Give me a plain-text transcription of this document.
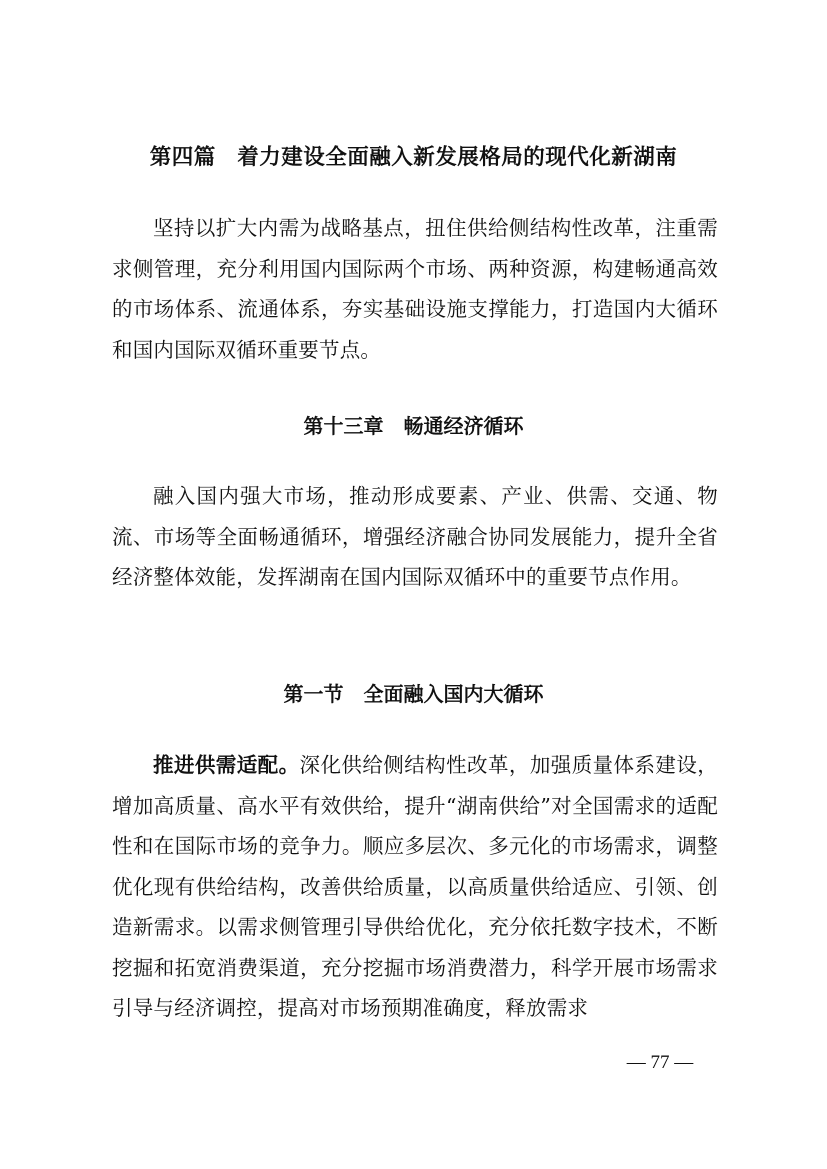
第四篇 着力建设全面融入新发展格局的现代化新湖南

坚持以扩大内需为战略基点，扭住供给侧结构性改革，注重需求侧管理，充分利用国内国际两个市场、两种资源，构建畅通高效的市场体系、流通体系，夯实基础设施支撑能力，打造国内大循环和国内国际双循环重要节点。

第十三章 畅通经济循环

融入国内强大市场，推动形成要素、产业、供需、交通、物流、市场等全面畅通循环，增强经济融合协同发展能力，提升全省经济整体效能，发挥湖南在国内国际双循环中的重要节点作用。

第一节 全面融入国内大循环

推进供需适配。深化供给侧结构性改革，加强质量体系建设，增加高质量、高水平有效供给，提升“湖南供给”对全国需求的适配性和在国际市场的竞争力。顺应多层次、多元化的市场需求，调整优化现有供给结构，改善供给质量，以高质量供给适应、引领、创造新需求。以需求侧管理引导供给优化，充分依托数字技术，不断挖掘和拓宽消费渠道，充分挖掘市场消费潜力，科学开展市场需求引导与经济调控，提高对市场预期准确度，释放需求

— 77 —
